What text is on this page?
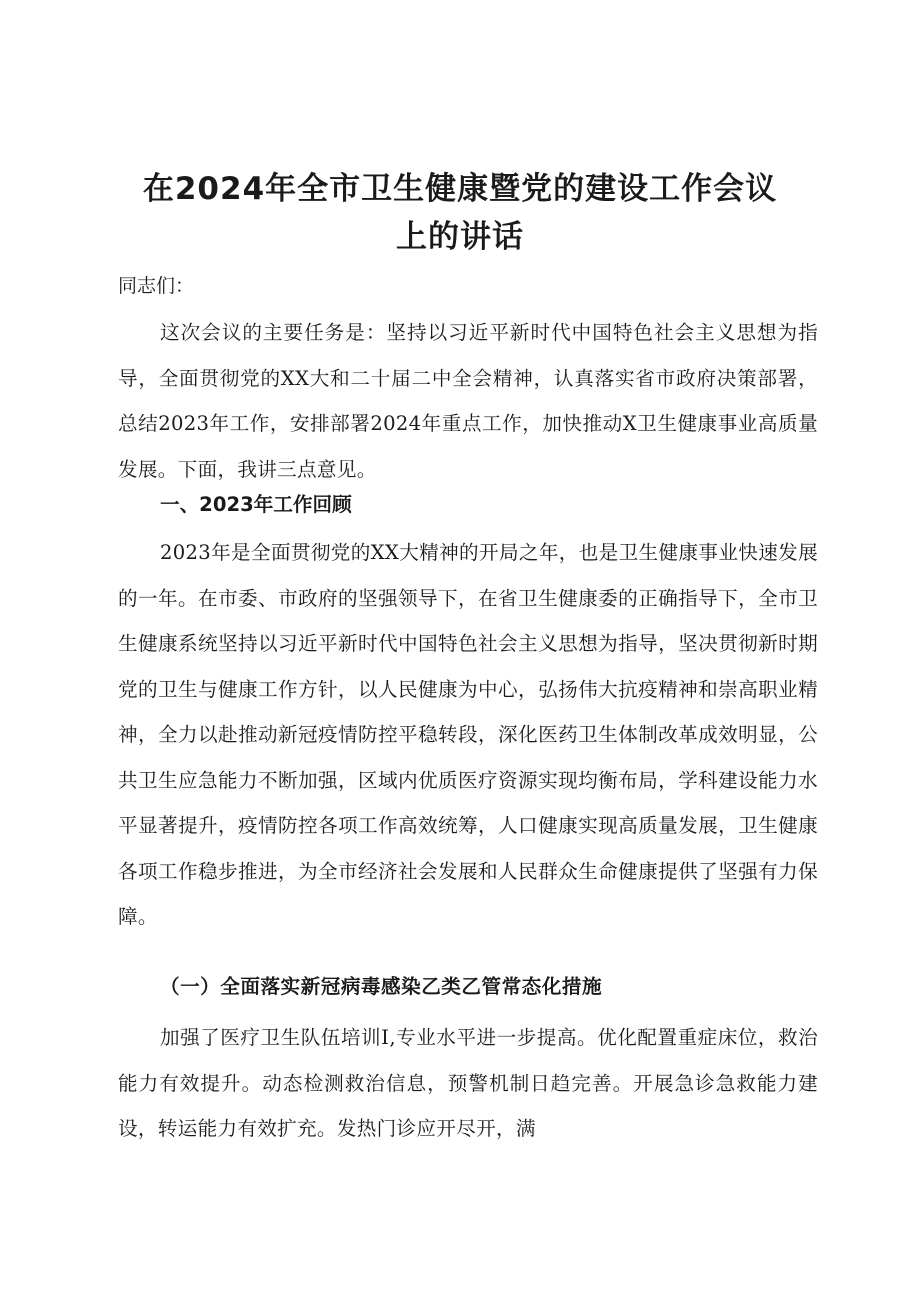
在2024年全市卫生健康暨党的建设工作会议
上的讲话

同志们：

这次会议的主要任务是：坚持以习近平新时代中国特色社会主义思想为指导，全面贯彻党的XX大和二十届二中全会精神，认真落实省市政府决策部署，总结2023年工作，安排部署2024年重点工作，加快推动X卫生健康事业高质量发展。下面，我讲三点意见。

一、2023年工作回顾

2023年是全面贯彻党的XX大精神的开局之年，也是卫生健康事业快速发展的一年。在市委、市政府的坚强领导下，在省卫生健康委的正确指导下，全市卫生健康系统坚持以习近平新时代中国特色社会主义思想为指导，坚决贯彻新时期党的卫生与健康工作方针，以人民健康为中心，弘扬伟大抗疫精神和崇高职业精神，全力以赴推动新冠疫情防控平稳转段，深化医药卫生体制改革成效明显，公共卫生应急能力不断加强，区域内优质医疗资源实现均衡布局，学科建设能力水平显著提升，疫情防控各项工作高效统筹，人口健康实现高质量发展，卫生健康各项工作稳步推进，为全市经济社会发展和人民群众生命健康提供了坚强有力保障。

（一）全面落实新冠病毒感染乙类乙管常态化措施

加强了医疗卫生队伍培训Ⅰ,专业水平进一步提高。优化配置重症床位，救治能力有效提升。动态检测救治信息，预警机制日趋完善。开展急诊急救能力建设，转运能力有效扩充。发热门诊应开尽开，满
